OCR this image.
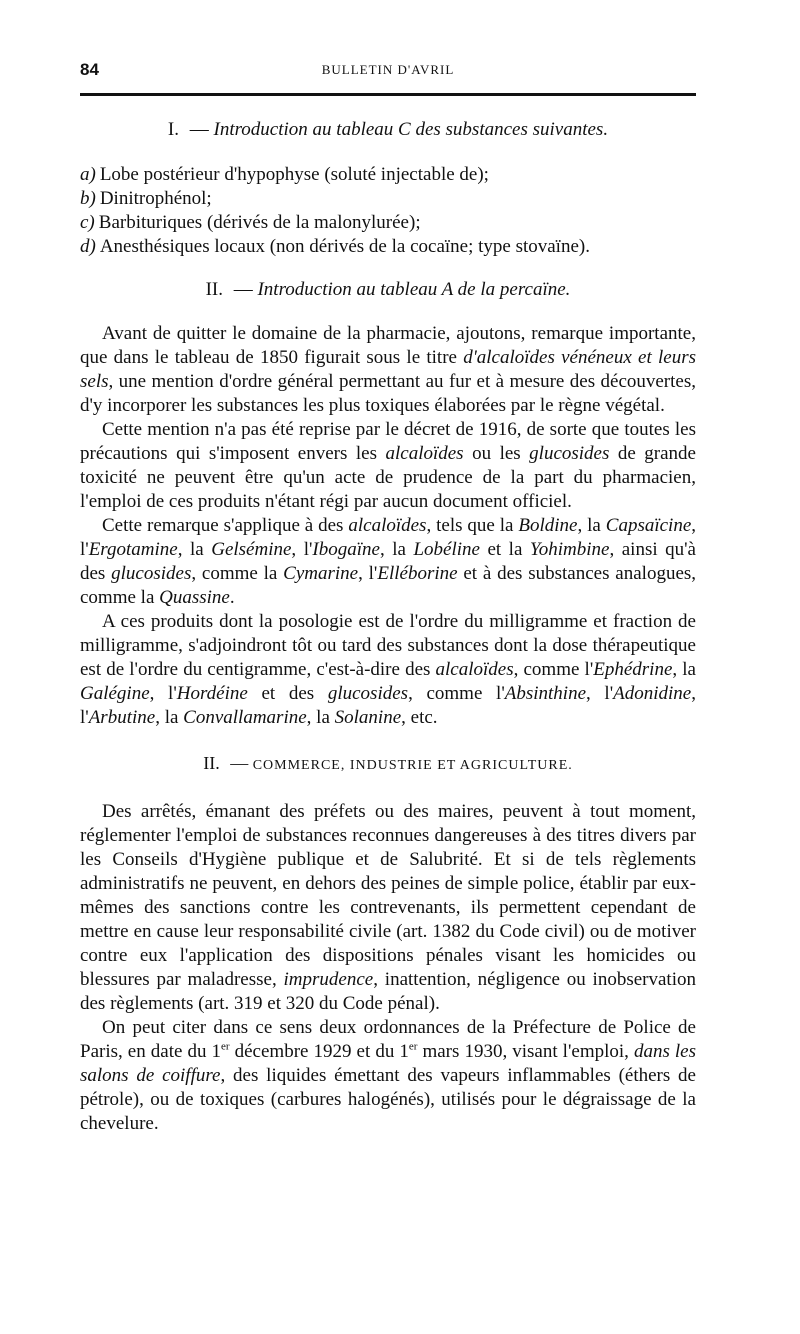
84	BULLETIN D'AVRIL
I. — Introduction au tableau C des substances suivantes.
a) Lobe postérieur d'hypophyse (soluté injectable de);
b) Dinitrophénol;
c) Barbituriques (dérivés de la malonylurée);
d) Anesthésiques locaux (non dérivés de la cocaïne; type stovaïne).
II. — Introduction au tableau A de la percaïne.

Avant de quitter le domaine de la pharmacie, ajoutons, remarque importante, que dans le tableau de 1850 figurait sous le titre d'alcaloïdes vénéneux et leurs sels, une mention d'ordre général permettant au fur et à mesure des découvertes, d'y incorporer les substances les plus toxiques élaborées par le règne végétal.

Cette mention n'a pas été reprise par le décret de 1916, de sorte que toutes les précautions qui s'imposent envers les alcaloïdes ou les glucosides de grande toxicité ne peuvent être qu'un acte de prudence de la part du pharmacien, l'emploi de ces produits n'étant régi par aucun document officiel.

Cette remarque s'applique à des alcaloïdes, tels que la Boldine, la Capsaïcine, l'Ergotamine, la Gelsémine, l'Ibogaïne, la Lobéline et la Yohimbine, ainsi qu'à des glucosides, comme la Cymarine, l'Elléborine et à des substances analogues, comme la Quassine.

A ces produits dont la posologie est de l'ordre du milligramme et fraction de milligramme, s'adjoindront tôt ou tard des substances dont la dose thérapeutique est de l'ordre du centigramme, c'est-à-dire des alcaloïdes, comme l'Ephédrine, la Galégine, l'Hordéine et des glucosides, comme l'Absinthine, l'Adonidine, l'Arbutine, la Convallamarine, la Solanine, etc.

II. — COMMERCE, INDUSTRIE ET AGRICULTURE.

Des arrêtés, émanant des préfets ou des maires, peuvent à tout moment, réglementer l'emploi de substances reconnues dangereuses à des titres divers par les Conseils d'Hygiène publique et de Salubrité. Et si de tels règlements administratifs ne peuvent, en dehors des peines de simple police, établir par eux-mêmes des sanctions contre les contrevenants, ils permettent cependant de mettre en cause leur responsabilité civile (art. 1382 du Code civil) ou de motiver contre eux l'application des dispositions pénales visant les homicides ou blessures par maladresse, imprudence, inattention, négligence ou inobservation des règlements (art. 319 et 320 du Code pénal).

On peut citer dans ce sens deux ordonnances de la Préfecture de Police de Paris, en date du 1er décembre 1929 et du 1er mars 1930, visant l'emploi, dans les salons de coiffure, des liquides émettant des vapeurs inflammables (éthers de pétrole), ou de toxiques (carbures halogénés), utilisés pour le dégraissage de la chevelure.
